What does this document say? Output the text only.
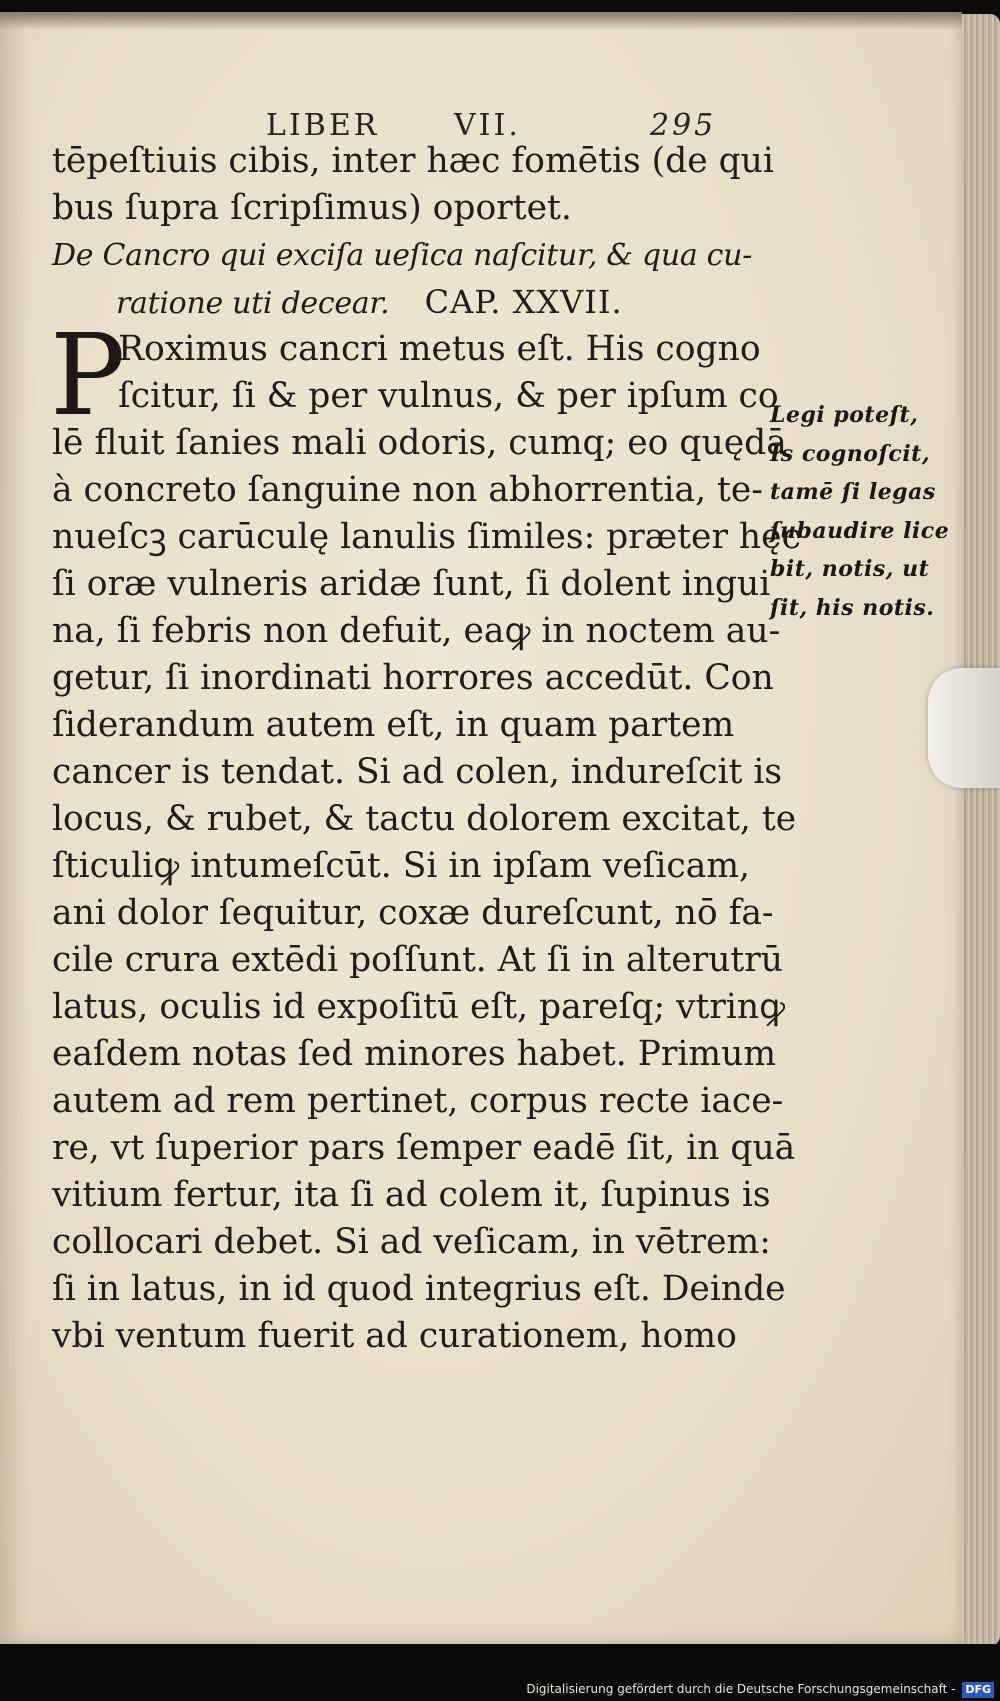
LIBER VII.	295
tēpeſtiuis cibis, inter hæc fomētis (de qui
bus ſupra ſcripſimus) oportet.
De Cancro qui exciſa ueſica naſcitur, & qua cu-
ratione uti decear. CAP. XXVII.
Roximus cancri metus eſt. His cogno
ſcitur, ſi & per vulnus, & per ipſum co
lē fluit ſanies mali odoris, cumq; eo quędā
à concreto ſanguine non abhorrentia, te-
nueſcꝫ carūculę lanulis ſimiles: præter hęc
ſi oræ vulneris aridæ ſunt, ſi dolent ingui
na, ſi febris non defuit, eaꝙ in noctem au-
getur, ſi inordinati horrores accedūt. Con
ſiderandum autem eſt, in quam partem
cancer is tendat. Si ad colen, indureſcit is
locus, & rubet, & tactu dolorem excitat, te
ſticuliꝙ intumeſcūt. Si in ipſam veſicam,
ani dolor ſequitur, coxæ dureſcunt, nō fa-
cile crura extēdi poſſunt. At ſi in alterutrū
latus, oculis id expoſitū eſt, pareſq; vtrinꝙ
eaſdem notas ſed minores habet. Primum
autem ad rem pertinet, corpus recte iace-
re, vt ſuperior pars ſemper eadē ſit, in quā
vitium fertur, ita ſi ad colem it, ſupinus is
collocari debet. Si ad veſicam, in vētrem:
ſi in latus, in id quod integrius eſt. Deinde
vbi ventum fuerit ad curationem, homo
P	Legi poteſt,
Is cognoſcit,
tamē ſi legas
ſubaudire lice
bit, notis, ut
ſit, his notis.
Digitalisierung gefördert durch die Deutsche Forschungsgemeinschaft - DFG
